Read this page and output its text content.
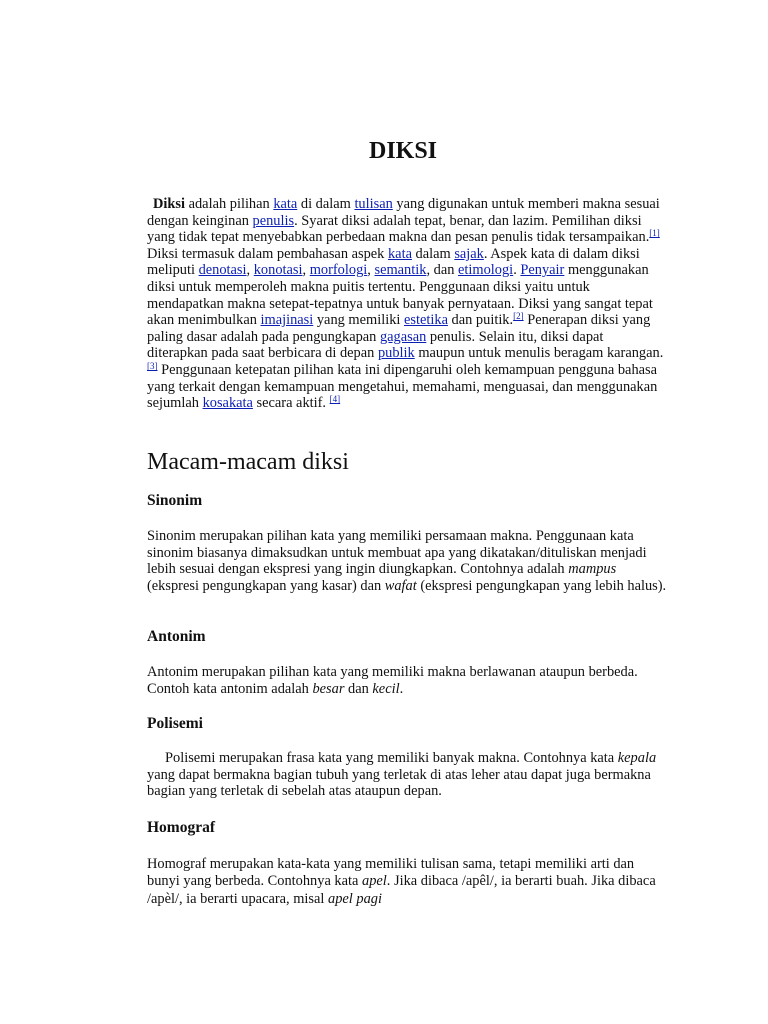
DIKSI

Diksi adalah pilihan kata di dalam tulisan yang digunakan untuk memberi makna sesuai dengan keinginan penulis. Syarat diksi adalah tepat, benar, dan lazim. Pemilihan diksi yang tidak tepat menyebabkan perbedaan makna dan pesan penulis tidak tersampaikan.[1] Diksi termasuk dalam pembahasan aspek kata dalam sajak. Aspek kata di dalam diksi meliputi denotasi, konotasi, morfologi, semantik, dan etimologi. Penyair menggunakan diksi untuk memperoleh makna puitis tertentu. Penggunaan diksi yaitu untuk mendapatkan makna setepat-tepatnya untuk banyak pernyataan. Diksi yang sangat tepat akan menimbulkan imajinasi yang memiliki estetika dan puitik.[2] Penerapan diksi yang paling dasar adalah pada pengungkapan gagasan penulis. Selain itu, diksi dapat diterapkan pada saat berbicara di depan publik maupun untuk menulis beragam karangan.[3] Penggunaan ketepatan pilihan kata ini dipengaruhi oleh kemampuan pengguna bahasa yang terkait dengan kemampuan mengetahui, memahami, menguasai, dan menggunakan sejumlah kosakata secara aktif. [4]

Macam-macam diksi
Sinonim

Sinonim merupakan pilihan kata yang memiliki persamaan makna. Penggunaan kata sinonim biasanya dimaksudkan untuk membuat apa yang dikatakan/dituliskan menjadi lebih sesuai dengan ekspresi yang ingin diungkapkan. Contohnya adalah mampus (ekspresi pengungkapan yang kasar) dan wafat (ekspresi pengungkapan yang lebih halus).

Antonim

Antonim merupakan pilihan kata yang memiliki makna berlawanan ataupun berbeda. Contoh kata antonim adalah besar dan kecil.

Polisemi

Polisemi merupakan frasa kata yang memiliki banyak makna. Contohnya kata kepala yang dapat bermakna bagian tubuh yang terletak di atas leher atau dapat juga bermakna bagian yang terletak di sebelah atas ataupun depan.

Homograf

Homograf merupakan kata-kata yang memiliki tulisan sama, tetapi memiliki arti dan bunyi yang berbeda. Contohnya kata apel. Jika dibaca /apêl/, ia berarti buah. Jika dibaca /apèl/, ia berarti upacara, misal apel pagi
